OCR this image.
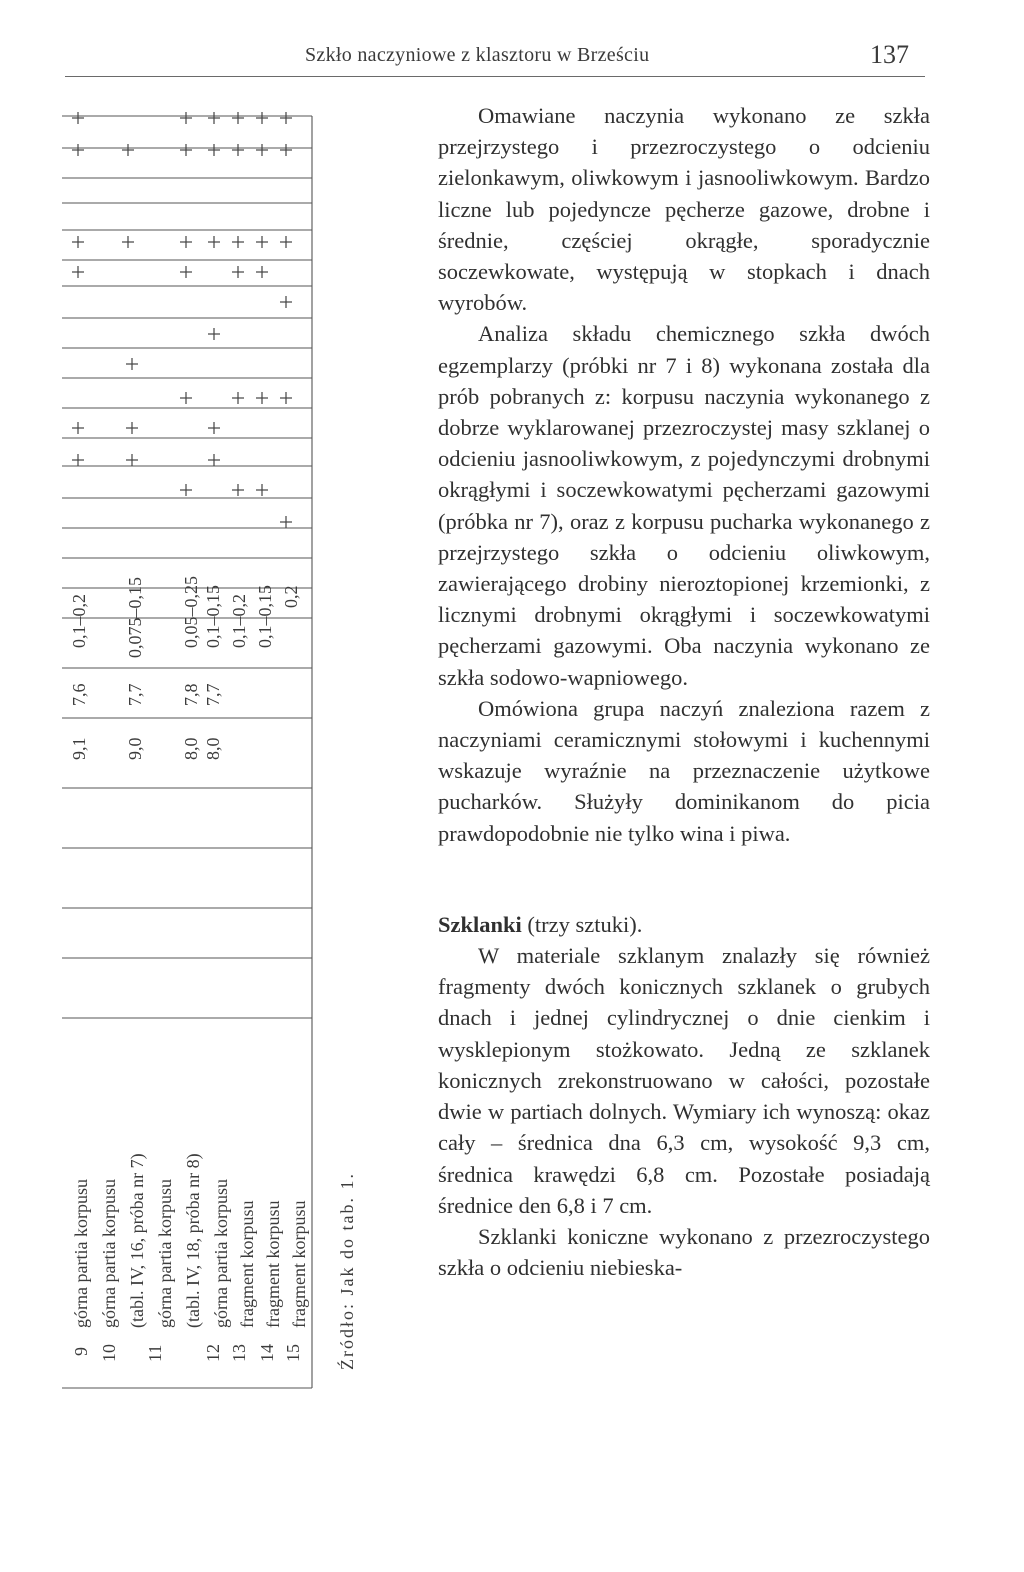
Szkło naczyniowe z klasztoru w Brześciu	137
9 10 11 12 13 14 15
górna partia korpusu górna partia korpusu (tabl. IV, 16, próba nr 7) górna partia korpusu (tabl. IV, 18, próba nr 8) górna partia korpusu fragment korpusu fragment korpusu fragment korpusu
9,1 9,0 8,0 8,0
7,6 7,7 7,8 7,7
0,1–0,2 0,075–0,15 0,05–0,25 0,1–0,15 0,1–0,2 0,1–0,15 0,2
Źródło: Jak do tab. 1.

Omawiane naczynia wykonano ze szkła przejrzystego i przezroczystego o odcieniu zielonkawym, oliwkowym i jasnooliwkowym. Bardzo liczne lub pojedyncze pęcherze gazowe, drobne i średnie, częściej okrągłe, sporadycznie soczewkowate, występują w stopkach i dnach wyrobów.

Analiza składu chemicznego szkła dwóch egzemplarzy (próbki nr 7 i 8) wykonana została dla prób pobranych z: korpusu naczynia wykonanego z dobrze wyklarowanej przezroczystej masy szklanej o odcieniu jasnooliwkowym, z pojedynczymi drobnymi okrągłymi i soczewkowatymi pęcherzami gazowymi (próbka nr 7), oraz z korpusu pucharka wykonanego z przejrzystego szkła o odcieniu oliwkowym, zawierającego drobiny nieroztopionej krzemionki, z licznymi drobnymi okrągłymi i soczewkowatymi pęcherzami gazowymi. Oba naczynia wykonano ze szkła sodowo-wapniowego.

Omówiona grupa naczyń znaleziona razem z naczyniami ceramicznymi stołowymi i kuchennymi wskazuje wyraźnie na przeznaczenie użytkowe pucharków. Służyły dominikanom do picia prawdopodobnie nie tylko wina i piwa.

Szklanki (trzy sztuki).

W materiale szklanym znalazły się również fragmenty dwóch konicznych szklanek o grubych dnach i jednej cylindrycznej o dnie cienkim i wysklepionym stożkowato. Jedną ze szklanek konicznych zrekonstruowano w całości, pozostałe dwie w partiach dolnych. Wymiary ich wynoszą: okaz cały – średnica dna 6,3 cm, wysokość 9,3 cm, średnica krawędzi 6,8 cm. Pozostałe posiadają średnice den 6,8 i 7 cm.

Szklanki koniczne wykonano z przezroczystego szkła o odcieniu niebieska-
